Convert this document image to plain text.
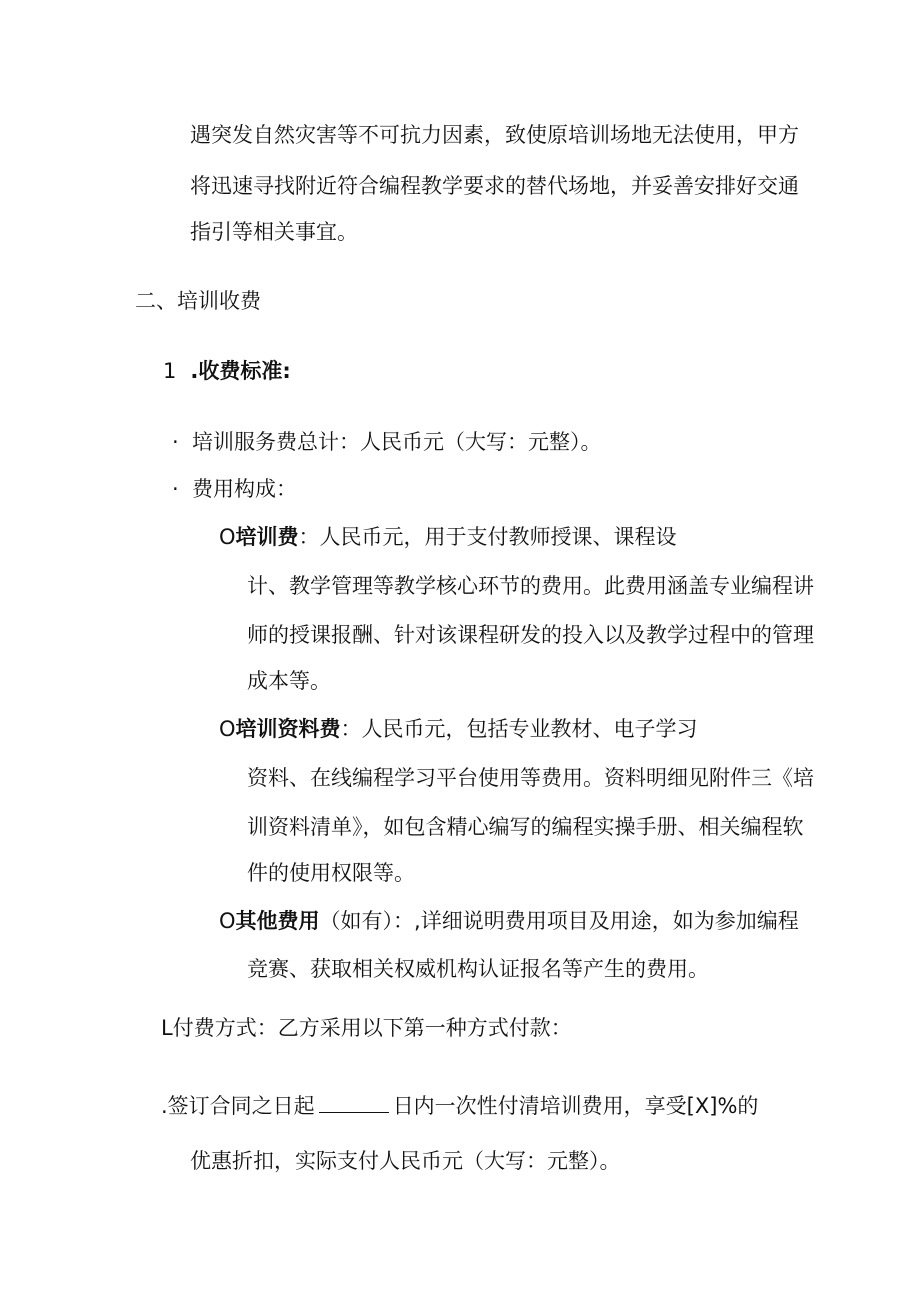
遇突发自然灾害等不可抗力因素，致使原培训场地无法使用，甲方
将迅速寻找附近符合编程教学要求的替代场地，并妥善安排好交通
指引等相关事宜。
二、培训收费
1 .收费标准:
· 培训服务费总计：人民币元（大写：元整）。
· 费用构成：
O培训费：人民币元，用于支付教师授课、课程设
计、教学管理等教学核心环节的费用。此费用涵盖专业编程讲
师的授课报酬、针对该课程研发的投入以及教学过程中的管理
成本等。
O培训资料费：人民币元，包括专业教材、电子学习
资料、在线编程学习平台使用等费用。资料明细见附件三《培
训资料清单》，如包含精心编写的编程实操手册、相关编程软
件的使用权限等。
O其他费用（如有）：,详细说明费用项目及用途，如为参加编程
竞赛、获取相关权威机构认证报名等产生的费用。
L付费方式：乙方采用以下第一种方式付款：
.签订合同之日起	日内一次性付清培训费用，享受[X]%的
优惠折扣，实际支付人民币元（大写：元整）。
